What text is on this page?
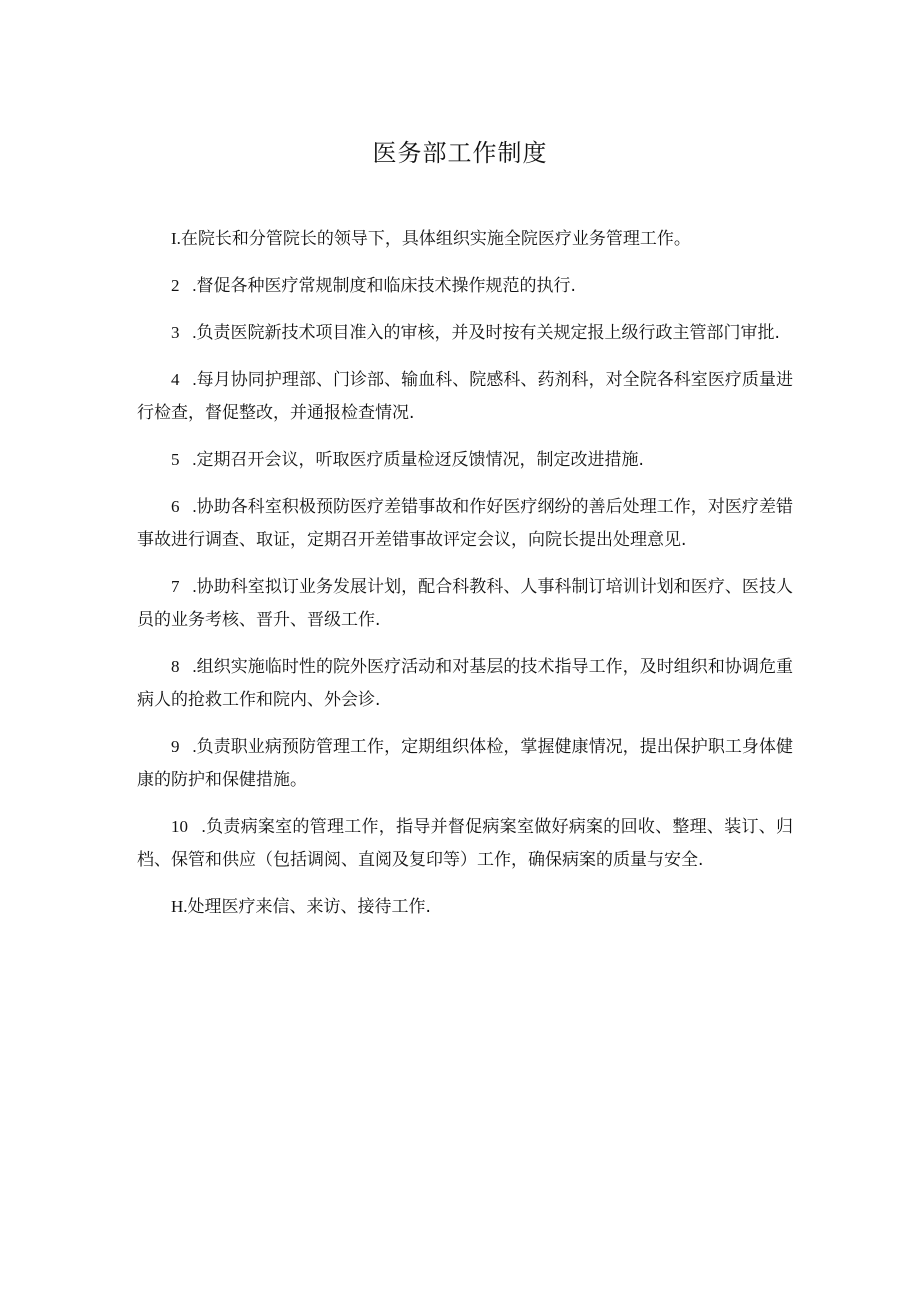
医务部工作制度

I.在院长和分管院长的领导下，具体组织实施全院医疗业务管理工作。

2   .督促各种医疗常规制度和临床技术操作规范的执行.

3   .负责医院新技术项目准入的审核，并及时按有关规定报上级行政主管部门审批.

4   .每月协同护理部、门诊部、输血科、院感科、药剂科，对全院各科室医疗质量进行检查，督促整改，并通报检查情况.

5   .定期召开会议，听取医疗质量检迓反馈情况，制定改进措施.

6   .协助各科室积极预防医疗差错事故和作好医疗纲纷的善后处理工作，对医疗差错事故进行调查、取证，定期召开差错事故评定会议，向院长提出处理意见.

7   .协助科室拟订业务发展计划，配合科教科、人事科制订培训计划和医疗、医技人员的业务考核、晋升、晋级工作.

8   .组织实施临时性的院外医疗活动和对基层的技术指导工作，及时组织和协调危重病人的抢救工作和院内、外会诊.

9   .负责职业病预防管理工作，定期组织体检，掌握健康情况，提出保护职工身体健康的防护和保健措施。

10   .负责病案室的管理工作，指导并督促病案室做好病案的回收、整理、装订、归档、保管和供应（包括调阅、直阅及复印等）工作，确保病案的质量与安全.

H.处理医疗来信、来访、接待工作.
